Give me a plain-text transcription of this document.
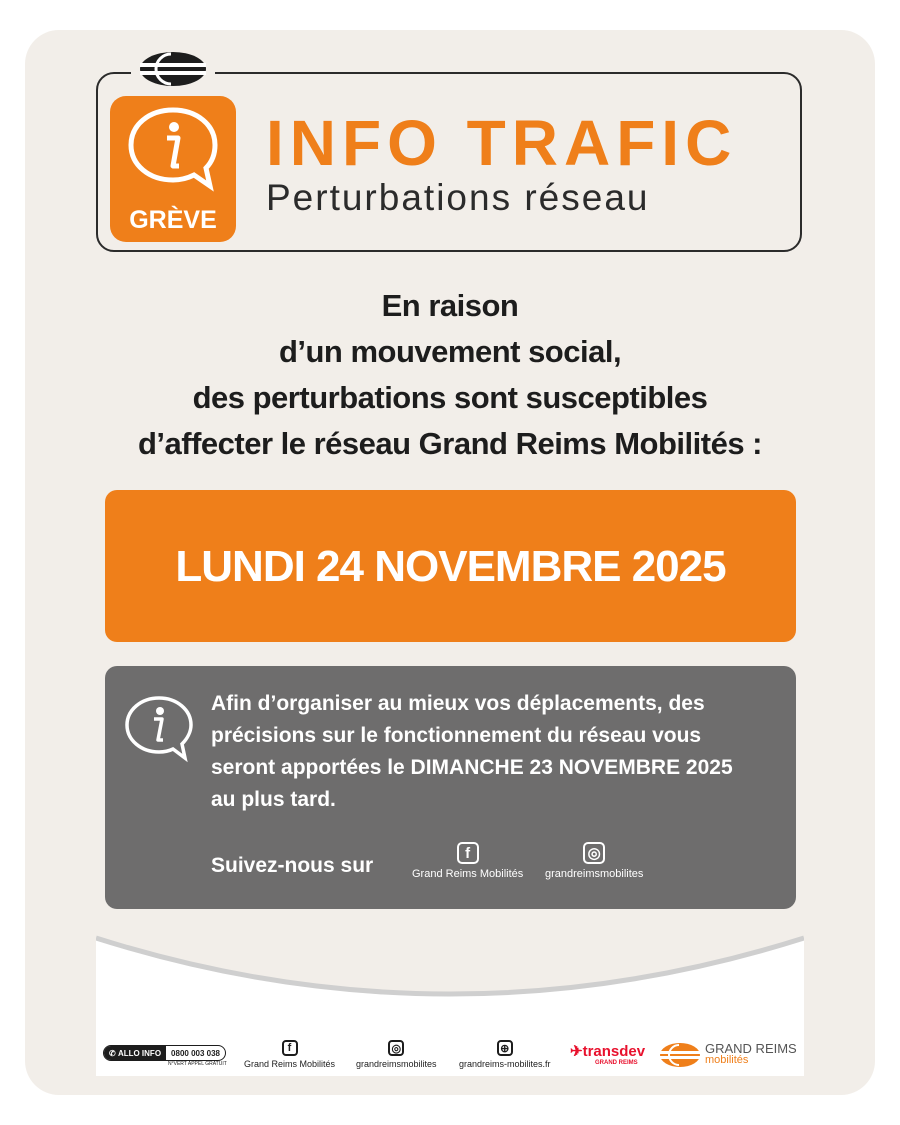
GRÈVE
INFO TRAFIC
Perturbations réseau
En raison
d’un mouvement social,
des perturbations sont susceptibles
d’affecter le réseau Grand Reims Mobilités :
LUNDI 24 NOVEMBRE 2025
Afin d’organiser au mieux vos déplacements, des
précisions sur le fonctionnement du réseau vous
seront apportées le DIMANCHE 23 NOVEMBRE 2025
au plus tard.
Suivez-nous sur
f
Grand Reims Mobilités
◎
grandreimsmobilites
✆ ALLO INFO	0800 003 038
N°VERT APPEL GRATUIT
f
Grand Reims Mobilités
◎
grandreimsmobilites
⊕
grandreims-mobilites.fr
✈transdev
GRAND REIMS
GRAND REIMS
mobilités
